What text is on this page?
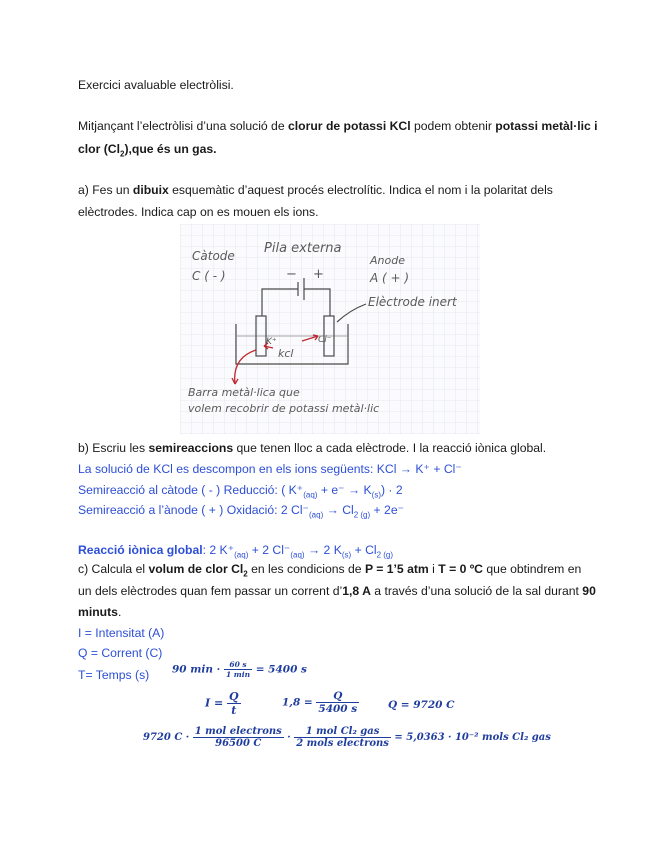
Exercici avaluable electròlisi.
Mitjançant l’electròlisi d’una solució de clorur de potassi KCl podem obtenir potassi metàl·lic i
clor $(Cl_2),que$ és un gas.
a) Fes un dibuix esquemàtic d’aquest procés electrolític. Indica el nom i la polaritat dels
elèctrodes. Indica cap on es mouen els ions.
Càtode
C ( - )
Pila externa
Anode
A ( + )
− +
Elèctrode inert
K⁺	Cl⁻
kcl
Barra metàl·lica que
volem recobrir de potassi metàl·lic
b) Escriu les semireaccions que tenen lloc a cada elèctrode. I la reacció iònica global.
La solució de KCl es descompon en els ions següents: KCl → K⁺ + Cl⁻
Semireacció al càtode ( - ) Reducció: ( $K^+_{(aq)} + e^- \to K_{(s)}) \cdot 2$
Semireacció a l’ànode ( + ) Oxidació: 2 $Cl^-_{(aq)} \to Cl_{2 (g)} + 2e^-$
Reacció iònica global: 2 $K^+_{(aq)} + 2$ $Cl^-_{(aq)} \to 2$ $K_{(s)} + Cl_{2 (g)}$
c) Calcula el volum de clor $Cl_2$ en les condicions de P = 1’5 atm i T = 0 ºC que obtindrem en
un dels elèctrodes quan fem passar un corrent d’1,8 A a través d’una solució de la sal durant 90
minuts.
I = Intensitat (A)
Q = Corrent (C)
T= Temps (s) 90 $\min \cdot \frac{60 s}{1 \min} = 5400$ s
$I = \frac{Q}{t}$	$1,8 = \frac{Q}{5400 s}$	Q = 9720 C
9720 $C \cdot \frac{\text{1 mol electrons}}{96500 C} \cdot \frac{\text{1 mol Cl₂ gas}}{\text{2 mols electrons}} = 5,0363 \cdot 10^{-2}$ mols Cl₂ gas
